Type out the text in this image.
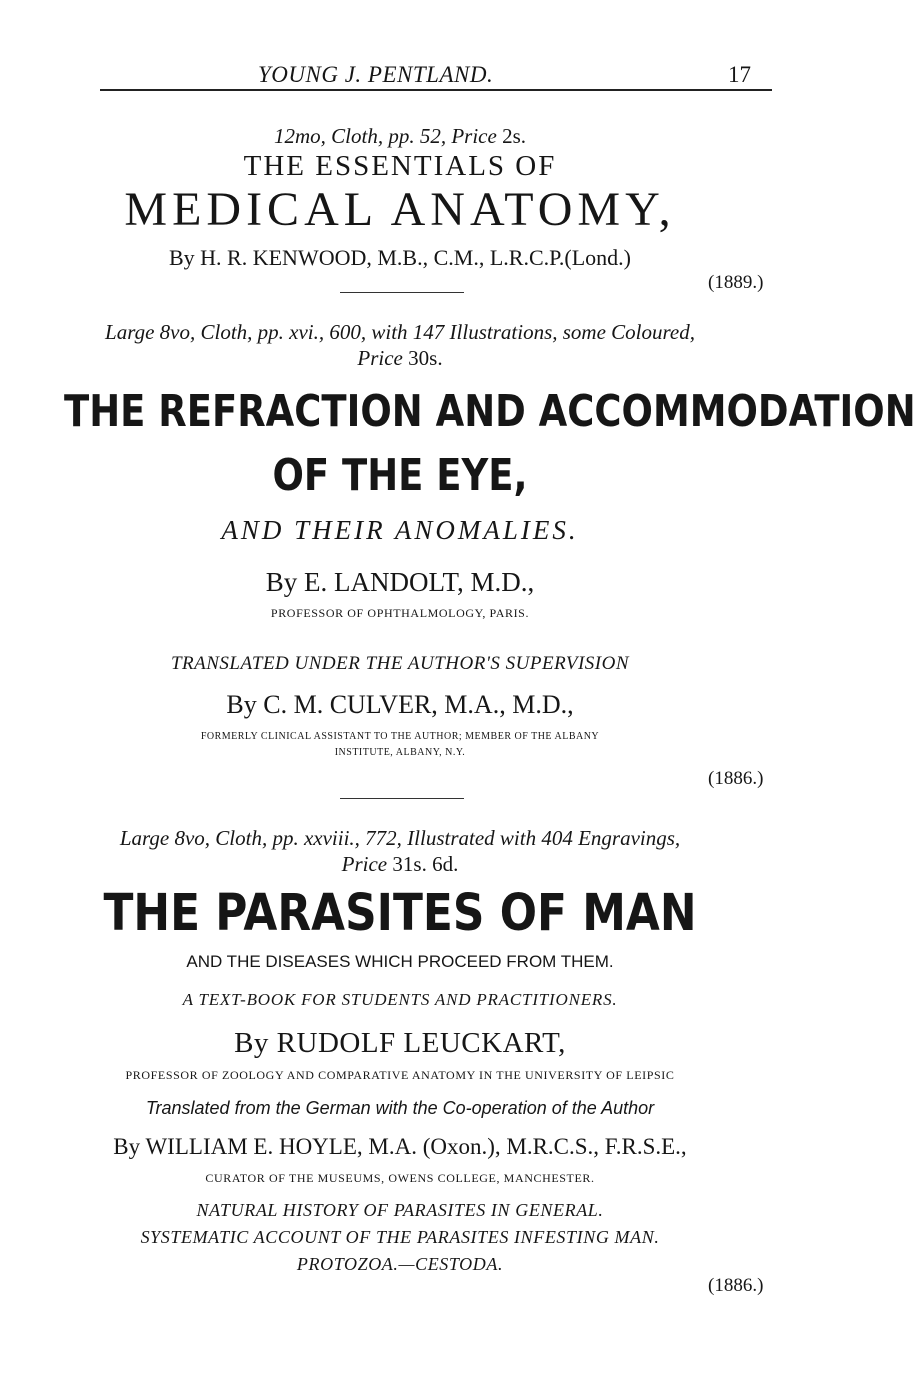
YOUNG J. PENTLAND.	17
12mo, Cloth, pp. 52, Price 2s.
THE ESSENTIALS OF
MEDICAL ANATOMY,
By H. R. KENWOOD, M.B., C.M., L.R.C.P.(Lond.)
(1889.)
Large 8vo, Cloth, pp. xvi., 600, with 147 Illustrations, some Coloured,
Price 30s.
THE REFRACTION AND ACCOMMODATION
OF THE EYE,
AND THEIR ANOMALIES.
By E. LANDOLT, M.D.,
PROFESSOR OF OPHTHALMOLOGY, PARIS.
TRANSLATED UNDER THE AUTHOR'S SUPERVISION
By C. M. CULVER, M.A., M.D.,
FORMERLY CLINICAL ASSISTANT TO THE AUTHOR; MEMBER OF THE ALBANY
INSTITUTE, ALBANY, N.Y.
(1886.)
Large 8vo, Cloth, pp. xxviii., 772, Illustrated with 404 Engravings,
Price 31s. 6d.
THE PARASITES OF MAN
AND THE DISEASES WHICH PROCEED FROM THEM.
A TEXT-BOOK FOR STUDENTS AND PRACTITIONERS.
By RUDOLF LEUCKART,
PROFESSOR OF ZOOLOGY AND COMPARATIVE ANATOMY IN THE UNIVERSITY OF LEIPSIC
Translated from the German with the Co-operation of the Author
By WILLIAM E. HOYLE, M.A. (Oxon.), M.R.C.S., F.R.S.E.,
CURATOR OF THE MUSEUMS, OWENS COLLEGE, MANCHESTER.
NATURAL HISTORY OF PARASITES IN GENERAL.
SYSTEMATIC ACCOUNT OF THE PARASITES INFESTING MAN.
PROTOZOA.—CESTODA.
(1886.)
